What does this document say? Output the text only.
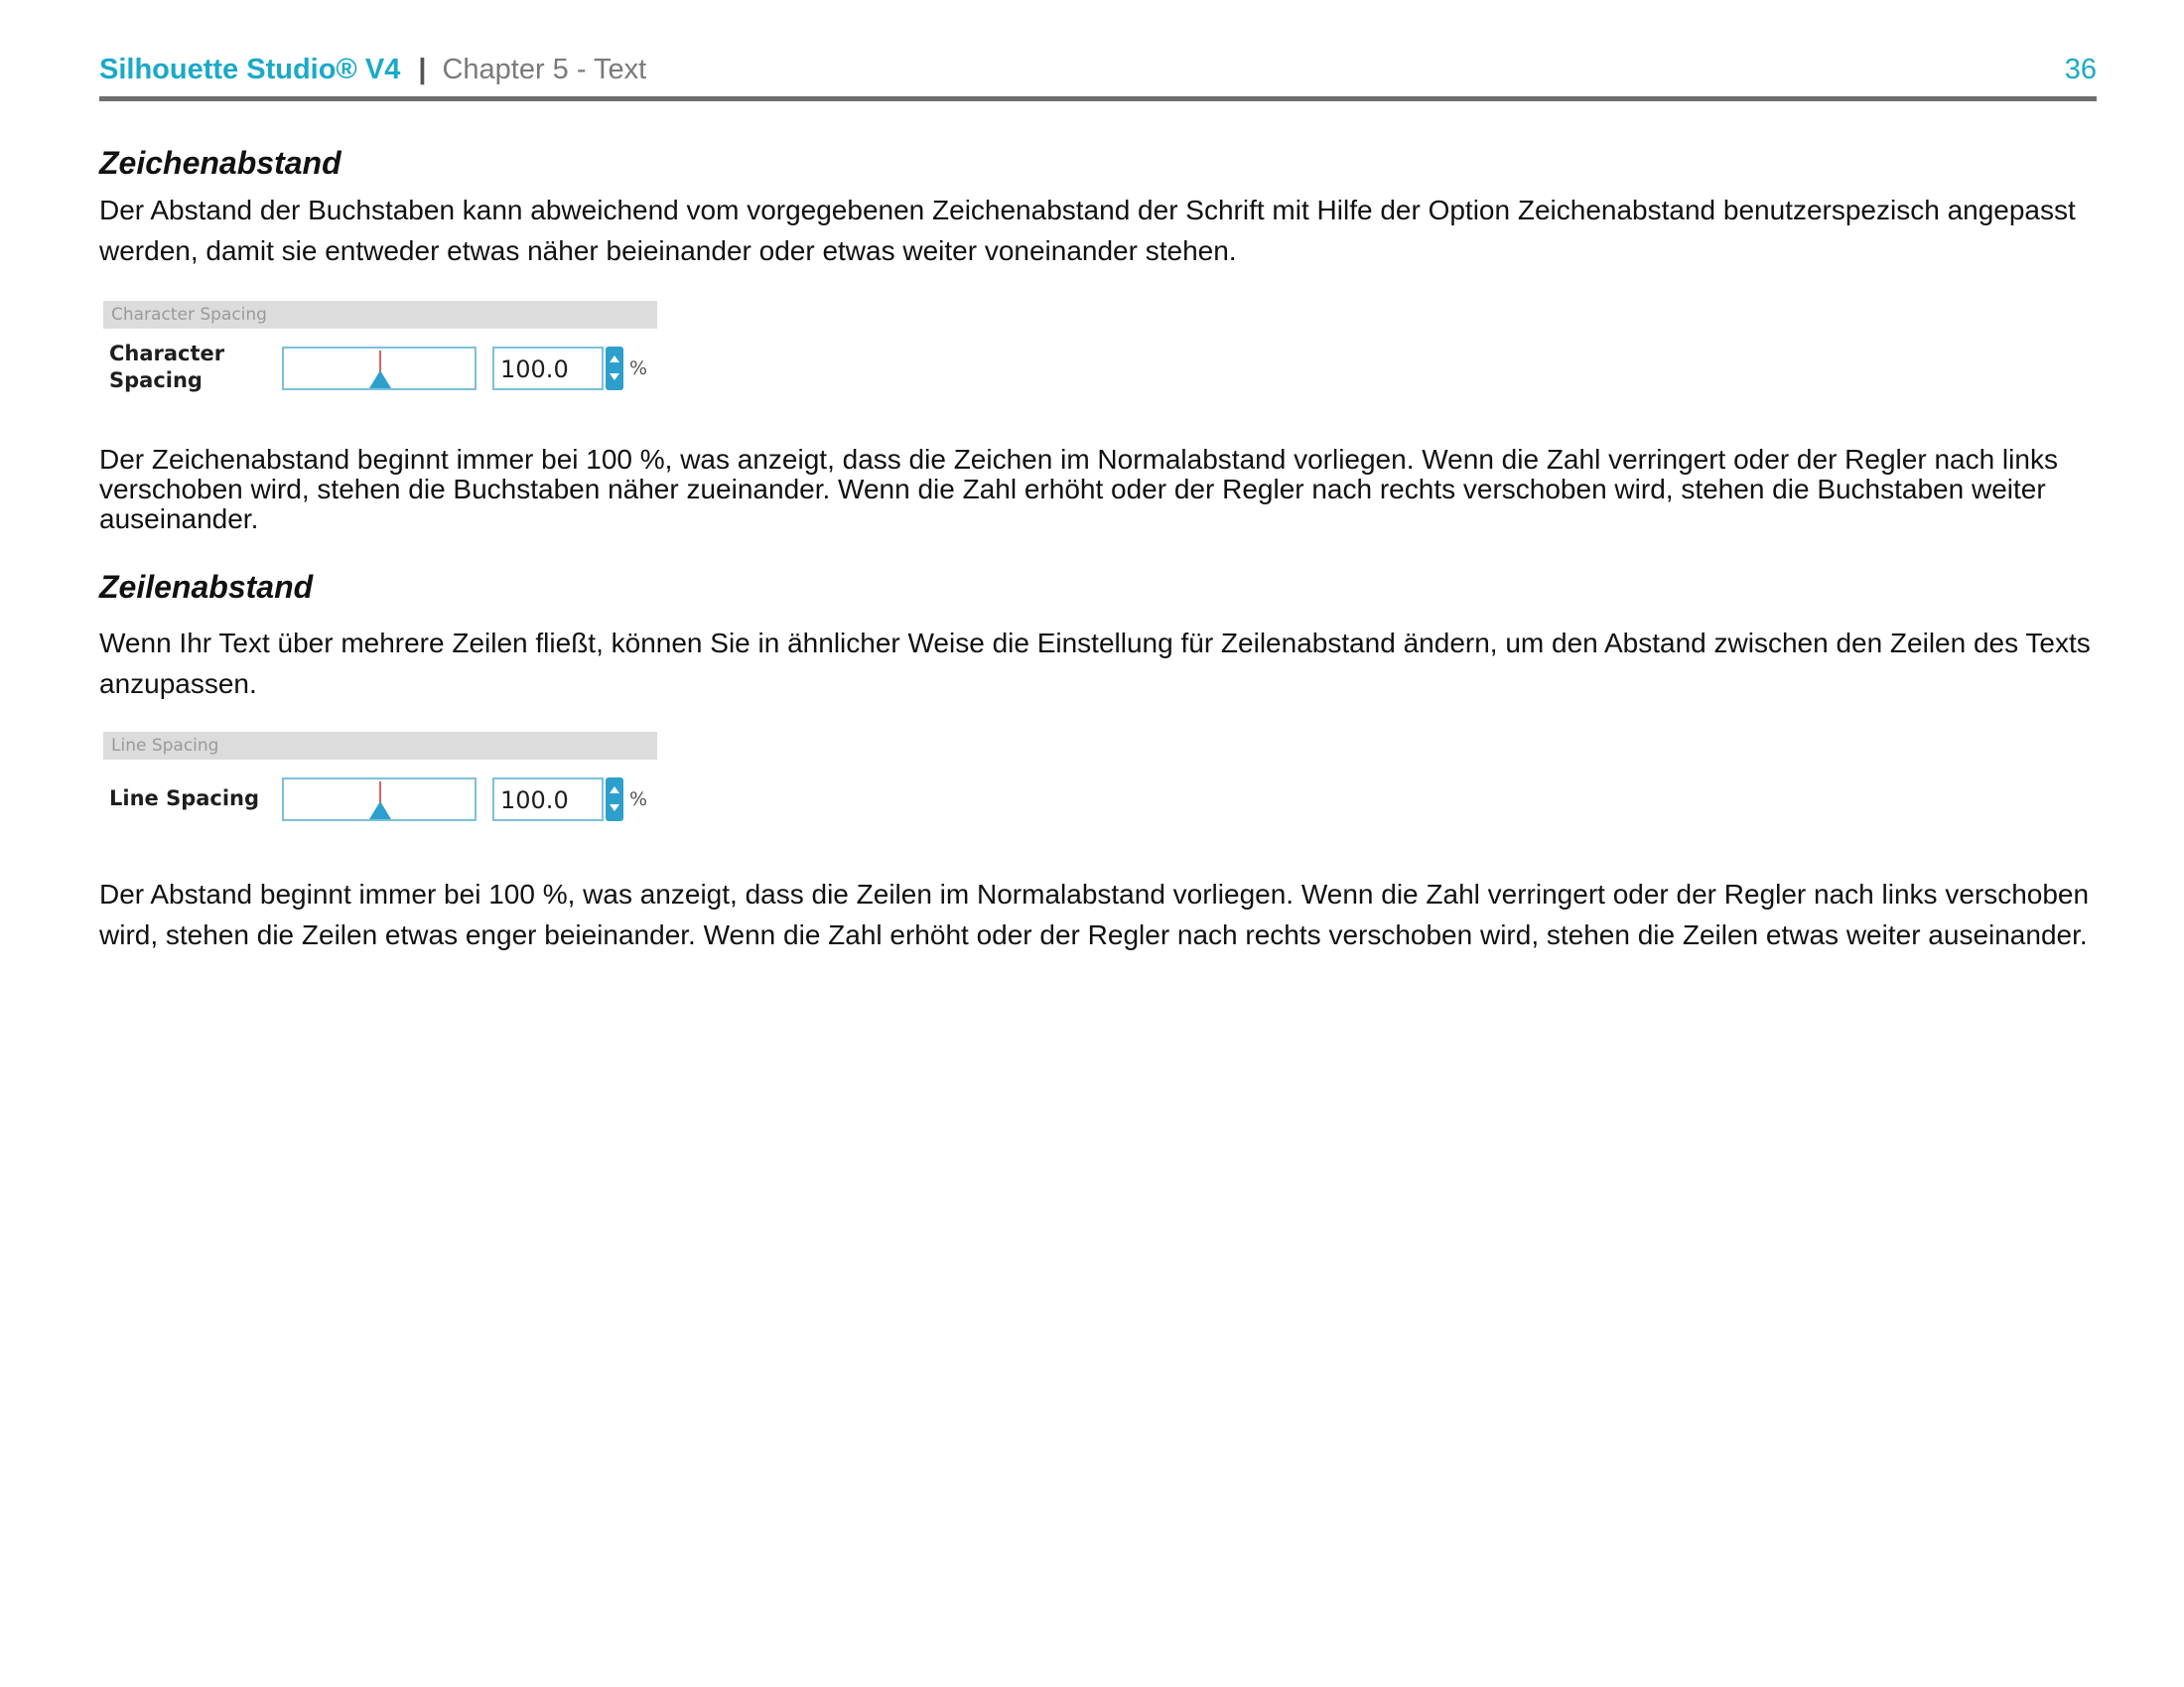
Silhouette Studio® V4 | Chapter 5 - Text	36
Zeichenabstand
Der Abstand der Buchstaben kann abweichend vom vorgegebenen Zeichenabstand der Schrift mit Hilfe der Option Zeichenabstand benutzerspezisch angepasst werden, damit sie entweder etwas näher beieinander oder etwas weiter voneinander stehen.
Character Spacing
Character
Spacing	100.0	%
Der Zeichenabstand beginnt immer bei 100 %, was anzeigt, dass die Zeichen im Normalabstand vorliegen. Wenn die Zahl verringert oder der Regler nach links verschoben wird, stehen die Buchstaben näher zueinander. Wenn die Zahl erhöht oder der Regler nach rechts verschoben wird, stehen die Buchstaben weiter auseinander.
Zeilenabstand
Wenn Ihr Text über mehrere Zeilen fließt, können Sie in ähnlicher Weise die Einstellung für Zeilenabstand ändern, um den Abstand zwischen den Zeilen des Texts anzupassen.
Line Spacing
Line Spacing	100.0	%
Der Abstand beginnt immer bei 100 %, was anzeigt, dass die Zeilen im Normalabstand vorliegen. Wenn die Zahl verringert oder der Regler nach links verschoben wird, stehen die Zeilen etwas enger beieinander. Wenn die Zahl erhöht oder der Regler nach rechts verschoben wird, stehen die Zeilen etwas weiter auseinander.
